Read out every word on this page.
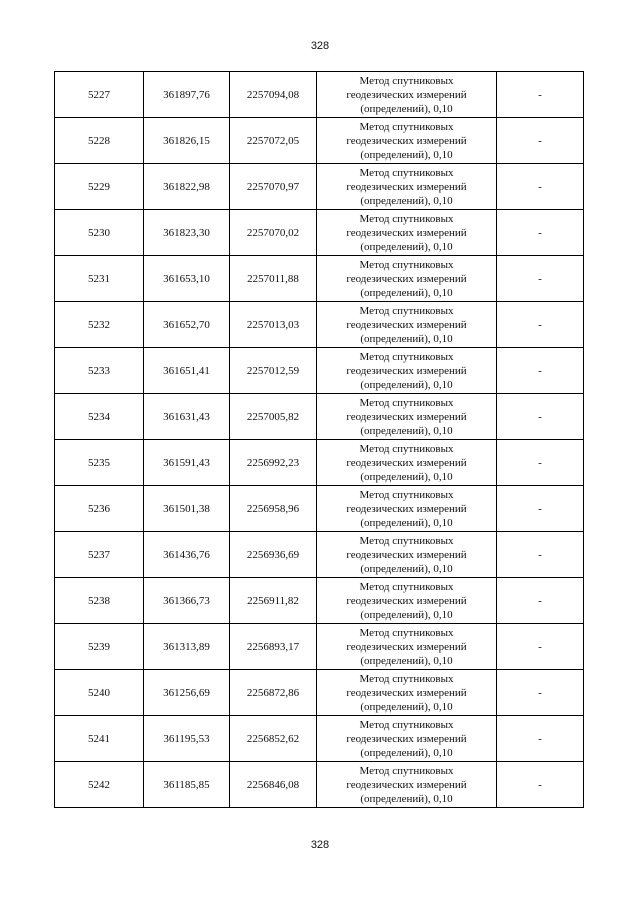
328
5227	361897,76	2257094,08	Метод спутниковых
геодезических измерений
(определений), 0,10	-
5228	361826,15	2257072,05	Метод спутниковых
геодезических измерений
(определений), 0,10	-
5229	361822,98	2257070,97	Метод спутниковых
геодезических измерений
(определений), 0,10	-
5230	361823,30	2257070,02	Метод спутниковых
геодезических измерений
(определений), 0,10	-
5231	361653,10	2257011,88	Метод спутниковых
геодезических измерений
(определений), 0,10	-
5232	361652,70	2257013,03	Метод спутниковых
геодезических измерений
(определений), 0,10	-
5233	361651,41	2257012,59	Метод спутниковых
геодезических измерений
(определений), 0,10	-
5234	361631,43	2257005,82	Метод спутниковых
геодезических измерений
(определений), 0,10	-
5235	361591,43	2256992,23	Метод спутниковых
геодезических измерений
(определений), 0,10	-
5236	361501,38	2256958,96	Метод спутниковых
геодезических измерений
(определений), 0,10	-
5237	361436,76	2256936,69	Метод спутниковых
геодезических измерений
(определений), 0,10	-
5238	361366,73	2256911,82	Метод спутниковых
геодезических измерений
(определений), 0,10	-
5239	361313,89	2256893,17	Метод спутниковых
геодезических измерений
(определений), 0,10	-
5240	361256,69	2256872,86	Метод спутниковых
геодезических измерений
(определений), 0,10	-
5241	361195,53	2256852,62	Метод спутниковых
геодезических измерений
(определений), 0,10	-
5242	361185,85	2256846,08	Метод спутниковых
геодезических измерений
(определений), 0,10	-
328
